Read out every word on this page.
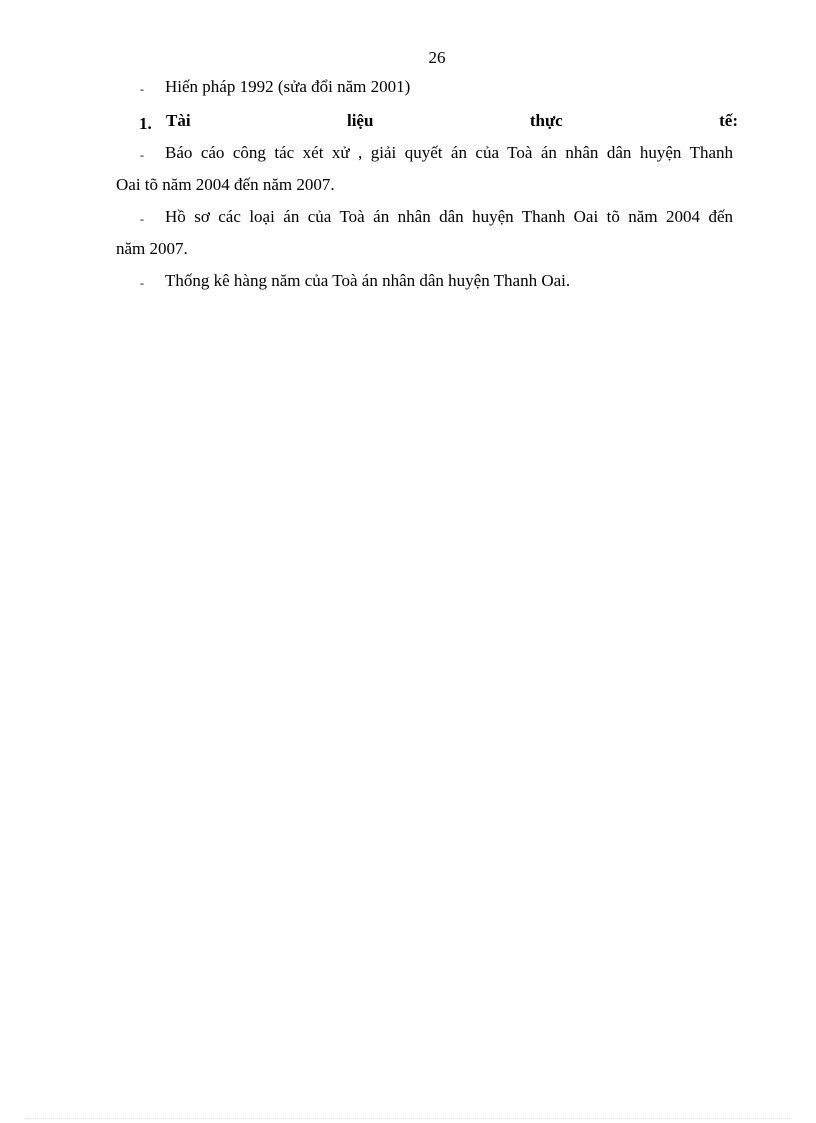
26
- Hiến pháp 1992 (sửa đổi năm 2001)
1. Tài	liệu	thực	tế:
- Báo cáo công tác xét xử , giải quyết án của Toà án nhân dân huyện Thanh
Oai tõ năm 2004 đến năm 2007.
- Hồ sơ các loại án của Toà án nhân dân huyện Thanh Oai tõ năm 2004 đến
năm 2007.
- Thống kê hàng năm của Toà án nhân dân huyện Thanh Oai.
